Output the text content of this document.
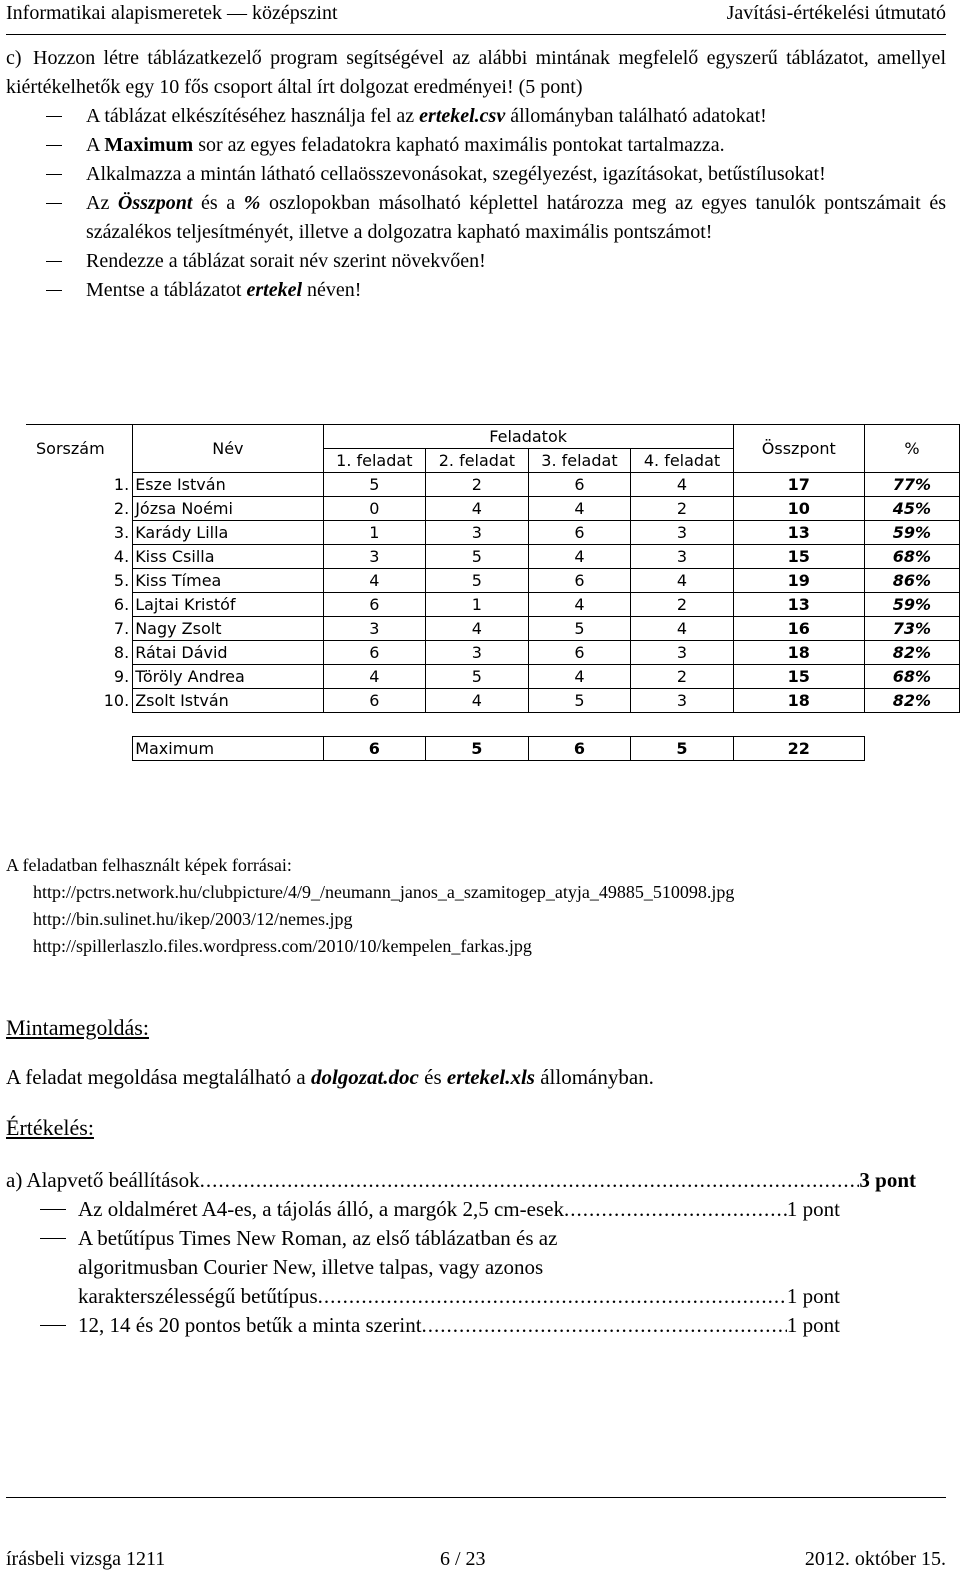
Informatikai alapismeretek — középszint	Javítási-értékelési útmutató

c) Hozzon létre táblázatkezelő program segítségével az alábbi mintának megfelelő egyszerű táblázatot, amellyel kiértékelhetők egy 10 fős csoport által írt dolgozat eredményei! (5 pont)

A táblázat elkészítéséhez használja fel az ertekel.csv állományban található adatokat!

A Maximum sor az egyes feladatokra kapható maximális pontokat tartalmazza.

Alkalmazza a mintán látható cellaösszevonásokat, szegélyezést, igazításokat, betűstílusokat!

Az Összpont és a % oszlopokban másolható képlettel határozza meg az egyes tanulók pontszámait és százalékos teljesítményét, illetve a dolgozatra kapható maximális pontszámot!

Rendezze a táblázat sorait név szerint növekvően!

Mentse a táblázatot ertekel néven!

Sorszám	Név	Feladatok				Összpont	%
		1. feladat	2. feladat	3. feladat	4. feladat		
1.	Esze István	5	2	6	4	17	77%
2.	Józsa Noémi	0	4	4	2	10	45%
3.	Karády Lilla	1	3	6	3	13	59%
4.	Kiss Csilla	3	5	4	3	15	68%
5.	Kiss Tímea	4	5	6	4	19	86%
6.	Lajtai Kristóf	6	1	4	2	13	59%
7.	Nagy Zsolt	3	4	5	4	16	73%
8.	Rátai Dávid	6	3	6	3	18	82%
9.	Töröly Andrea	4	5	4	2	15	68%
10.	Zsolt István	6	4	5	3	18	82%

	Maximum	6	5	6	5	22	
A feladatban felhasznált képek forrásai:
http://pctrs.network.hu/clubpicture/4/9_/neumann_janos_a_szamitogep_atyja_49885_510098.jpg
http://bin.sulinet.hu/ikep/2003/12/nemes.jpg
http://spillerlaszlo.files.wordpress.com/2010/10/kempelen_farkas.jpg
Mintamegoldás:
A feladat megoldása megtalálható a dolgozat.doc és ertekel.xls állományban.
Értékelés:
a) Alapvető beállítások .....	3 pont
Az oldalméret A4-es, a tájolás álló, a margók 2,5 cm-esek .....	1 pont
A betűtípus Times New Roman, az első táblázatban és az
algoritmusban Courier New, illetve talpas, vagy azonos
karakterszélességű betűtípus .....	1 pont
12, 14 és 20 pontos betűk a minta szerint .....	1 pont
írásbeli vizsga 1211	6 / 23	2012. október 15.
